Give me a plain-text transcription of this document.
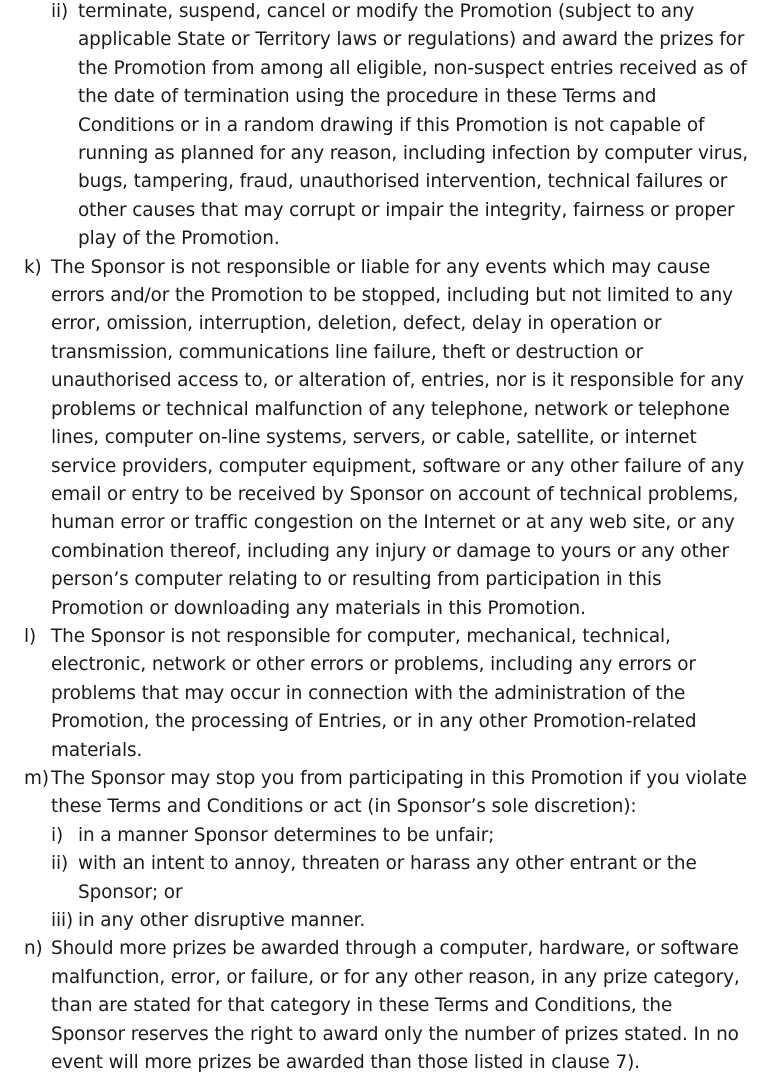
ii) terminate, suspend, cancel or modify the Promotion (subject to any
applicable State or Territory laws or regulations) and award the prizes for
the Promotion from among all eligible, non-suspect entries received as of
the date of termination using the procedure in these Terms and
Conditions or in a random drawing if this Promotion is not capable of
running as planned for any reason, including infection by computer virus,
bugs, tampering, fraud, unauthorised intervention, technical failures or
other causes that may corrupt or impair the integrity, fairness or proper
play of the Promotion.
k) The Sponsor is not responsible or liable for any events which may cause
errors and/or the Promotion to be stopped, including but not limited to any
error, omission, interruption, deletion, defect, delay in operation or
transmission, communications line failure, theft or destruction or
unauthorised access to, or alteration of, entries, nor is it responsible for any
problems or technical malfunction of any telephone, network or telephone
lines, computer on-line systems, servers, or cable, satellite, or internet
service providers, computer equipment, software or any other failure of any
email or entry to be received by Sponsor on account of technical problems,
human error or traffic congestion on the Internet or at any web site, or any
combination thereof, including any injury or damage to yours or any other
person’s computer relating to or resulting from participation in this
Promotion or downloading any materials in this Promotion.
l) The Sponsor is not responsible for computer, mechanical, technical,
electronic, network or other errors or problems, including any errors or
problems that may occur in connection with the administration of the
Promotion, the processing of Entries, or in any other Promotion-related
materials.
m) The Sponsor may stop you from participating in this Promotion if you violate
these Terms and Conditions or act (in Sponsor’s sole discretion):
i) in a manner Sponsor determines to be unfair;
ii) with an intent to annoy, threaten or harass any other entrant or the
Sponsor; or
iii) in any other disruptive manner.
n) Should more prizes be awarded through a computer, hardware, or software
malfunction, error, or failure, or for any other reason, in any prize category,
than are stated for that category in these Terms and Conditions, the
Sponsor reserves the right to award only the number of prizes stated. In no
event will more prizes be awarded than those listed in clause 7).
